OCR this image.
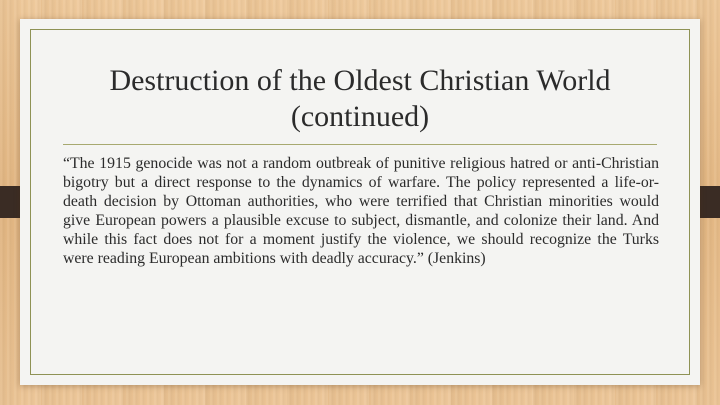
Destruction of the Oldest Christian World
(continued)

“The 1915 genocide was not a random outbreak of punitive religious hatred or anti-Christian bigotry but a direct response to the dynamics of warfare. The policy represented a life-or-death decision by Ottoman authorities, who were terrified that Christian minorities would give European powers a plausible excuse to subject, dismantle, and colonize their land. And while this fact does not for a moment justify the violence, we should recognize the Turks were reading European ambitions with deadly accuracy.” (Jenkins)
